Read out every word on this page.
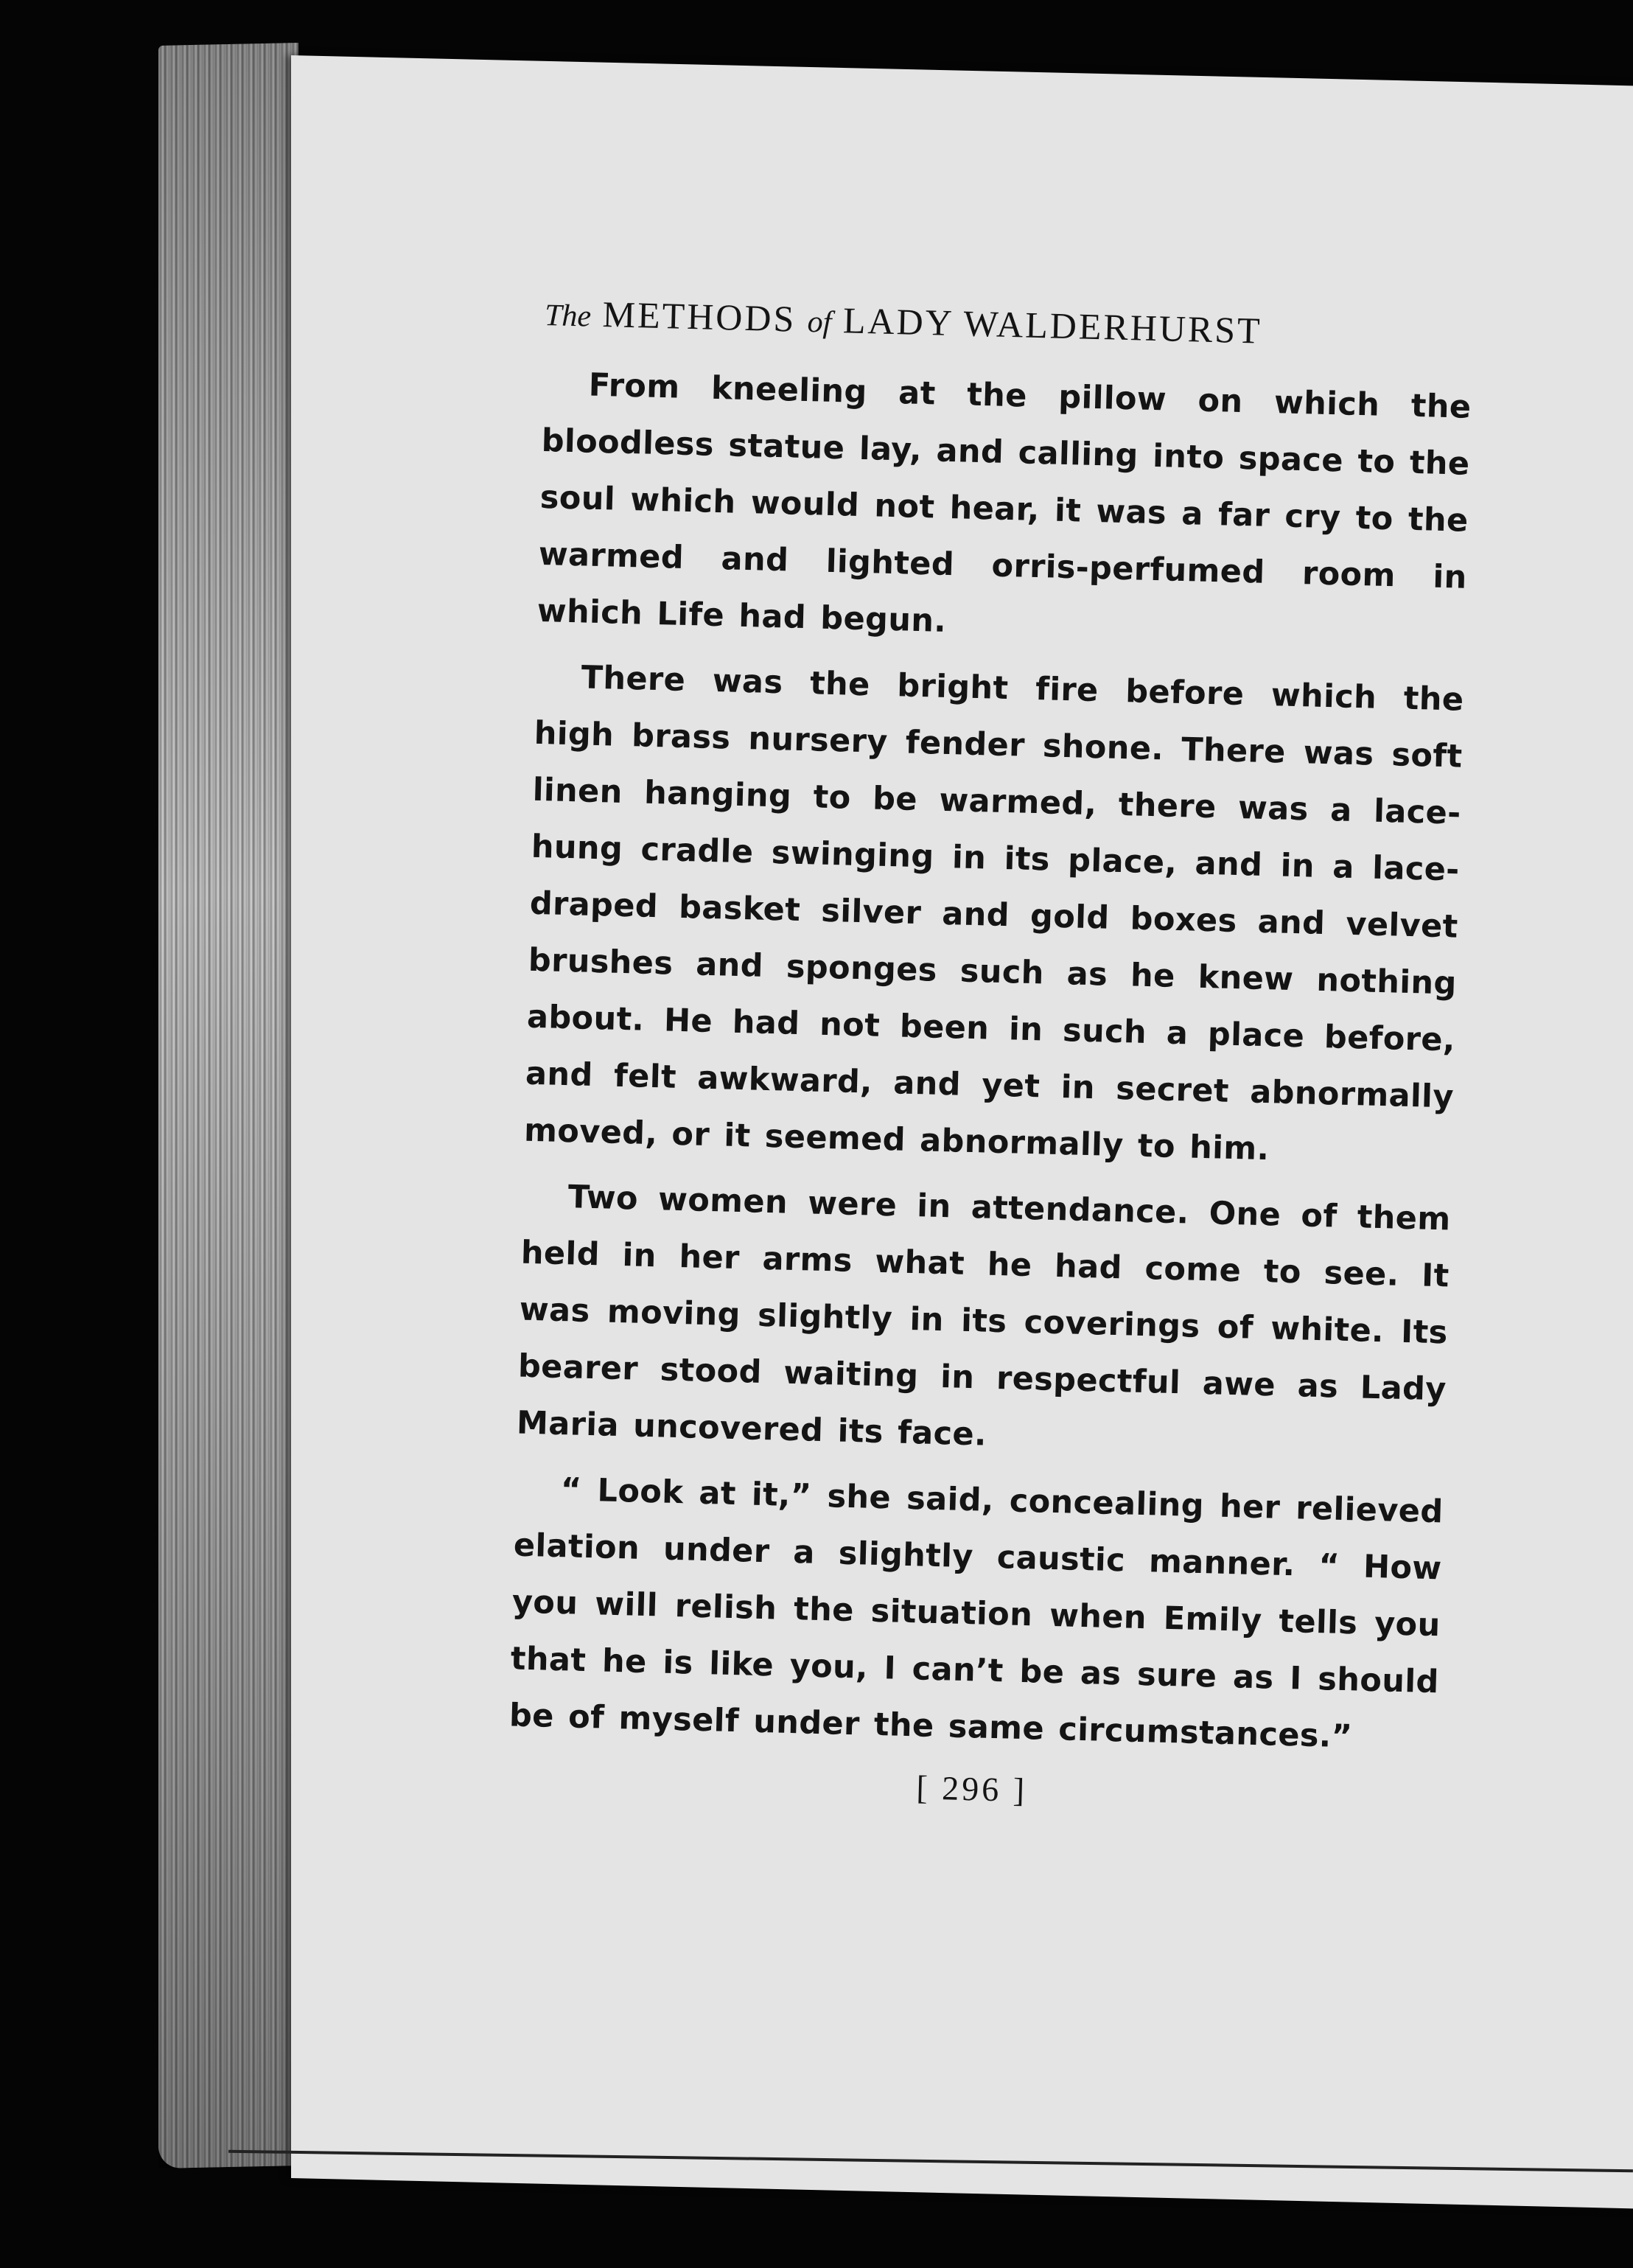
The METHODS of LADY WALDERHURST

From kneeling at the pillow on which the bloodless statue lay, and calling into space to the soul which would not hear, it was a far cry to the warmed and lighted orris-perfumed room in which Life had begun.

There was the bright fire before which the high brass nursery fender shone. There was soft linen hanging to be warmed, there was a lace-hung cradle swinging in its place, and in a lace-draped basket silver and gold boxes and velvet brushes and sponges such as he knew nothing about. He had not been in such a place before, and felt awkward, and yet in secret abnormally moved, or it seemed abnormally to him.

Two women were in attendance. One of them held in her arms what he had come to see. It was moving slightly in its coverings of white. Its bearer stood waiting in respectful awe as Lady Maria uncovered its face.

“ Look at it,” she said, concealing her relieved elation under a slightly caustic manner. “ How you will relish the situation when Emily tells you that he is like you, I can’t be as sure as I should be of myself under the same circumstances.”

[ 296 ]
